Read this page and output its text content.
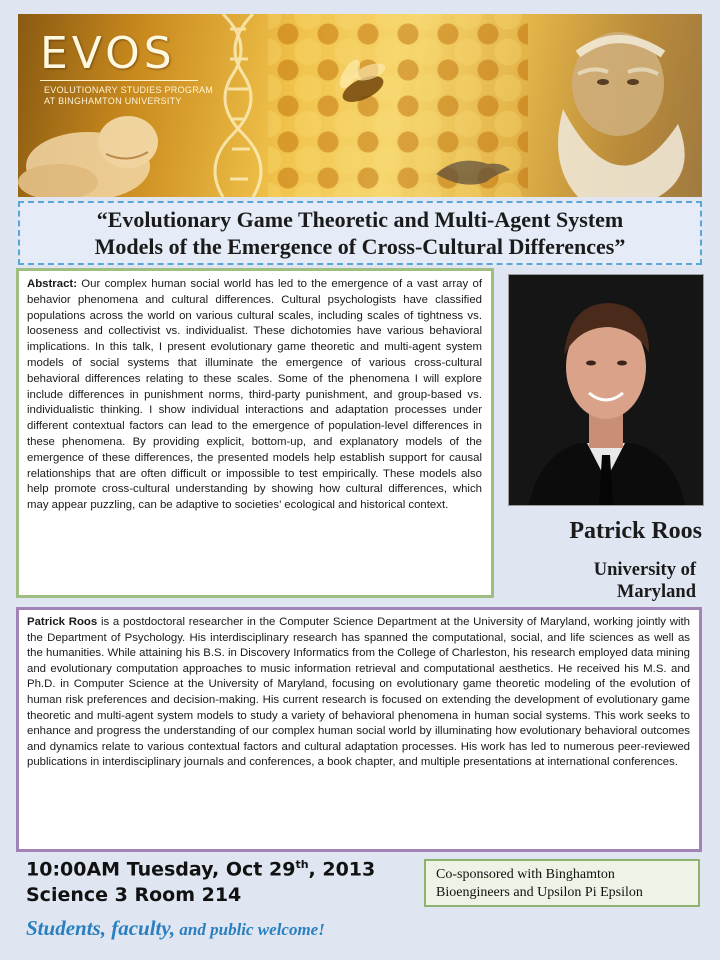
EVOS
EVOLUTIONARY STUDIES PROGRAM
AT BINGHAMTON UNIVERSITY
“Evolutionary Game Theoretic and Multi-Agent System
Models of the Emergence of Cross-Cultural Differences”
Abstract: Our complex human social world has led to the emergence of a vast array of behavior phenomena and cultural differences. Cultural psychologists have classified populations across the world on various cultural scales, including scales of tightness vs. looseness and collectivist vs. individualist. These dichotomies have various behavioral implications. In this talk, I present evolutionary game theoretic and multi-agent system models of social systems that illuminate the emergence of various cross-cultural behavioral differences relating to these scales. Some of the phenomena I will explore include differences in punishment norms, third-party punishment, and group-based vs. individualistic thinking. I show individual interactions and adaptation processes under different contextual factors can lead to the emergence of population-level differences in these phenomena. By providing explicit, bottom-up, and explanatory models of the emergence of these differences, the presented models help establish support for causal relationships that are often difficult or impossible to test empirically. These models also help promote cross-cultural understanding by showing how cultural differences, which may appear puzzling, can be adaptive to societies’ ecological and historical context.
Patrick Roos
University of
Maryland
Patrick Roos is a postdoctoral researcher in the Computer Science Department at the University of Maryland, working jointly with the Department of Psychology. His interdisciplinary research has spanned the computational, social, and life sciences as well as the humanities. While attaining his B.S. in Discovery Informatics from the College of Charleston, his research employed data mining and evolutionary computation approaches to music information retrieval and computational aesthetics. He received his M.S. and Ph.D. in Computer Science at the University of Maryland, focusing on evolutionary game theoretic modeling of the evolution of human risk preferences and decision-making. His current research is focused on extending the development of evolutionary game theoretic and multi-agent system models to study a variety of behavioral phenomena in human social systems. This work seeks to enhance and progress the understanding of our complex human social world by illuminating how evolutionary behavioral outcomes and dynamics relate to various contextual factors and cultural adaptation processes. His work has led to numerous peer-reviewed publications in interdisciplinary journals and conferences, a book chapter, and multiple presentations at international conferences.
10:00AM Tuesday, Oct 29th, 2013
Science 3 Room 214
Students, faculty, and public welcome!
Co-sponsored with Binghamton
Bioengineers and Upsilon Pi Epsilon
